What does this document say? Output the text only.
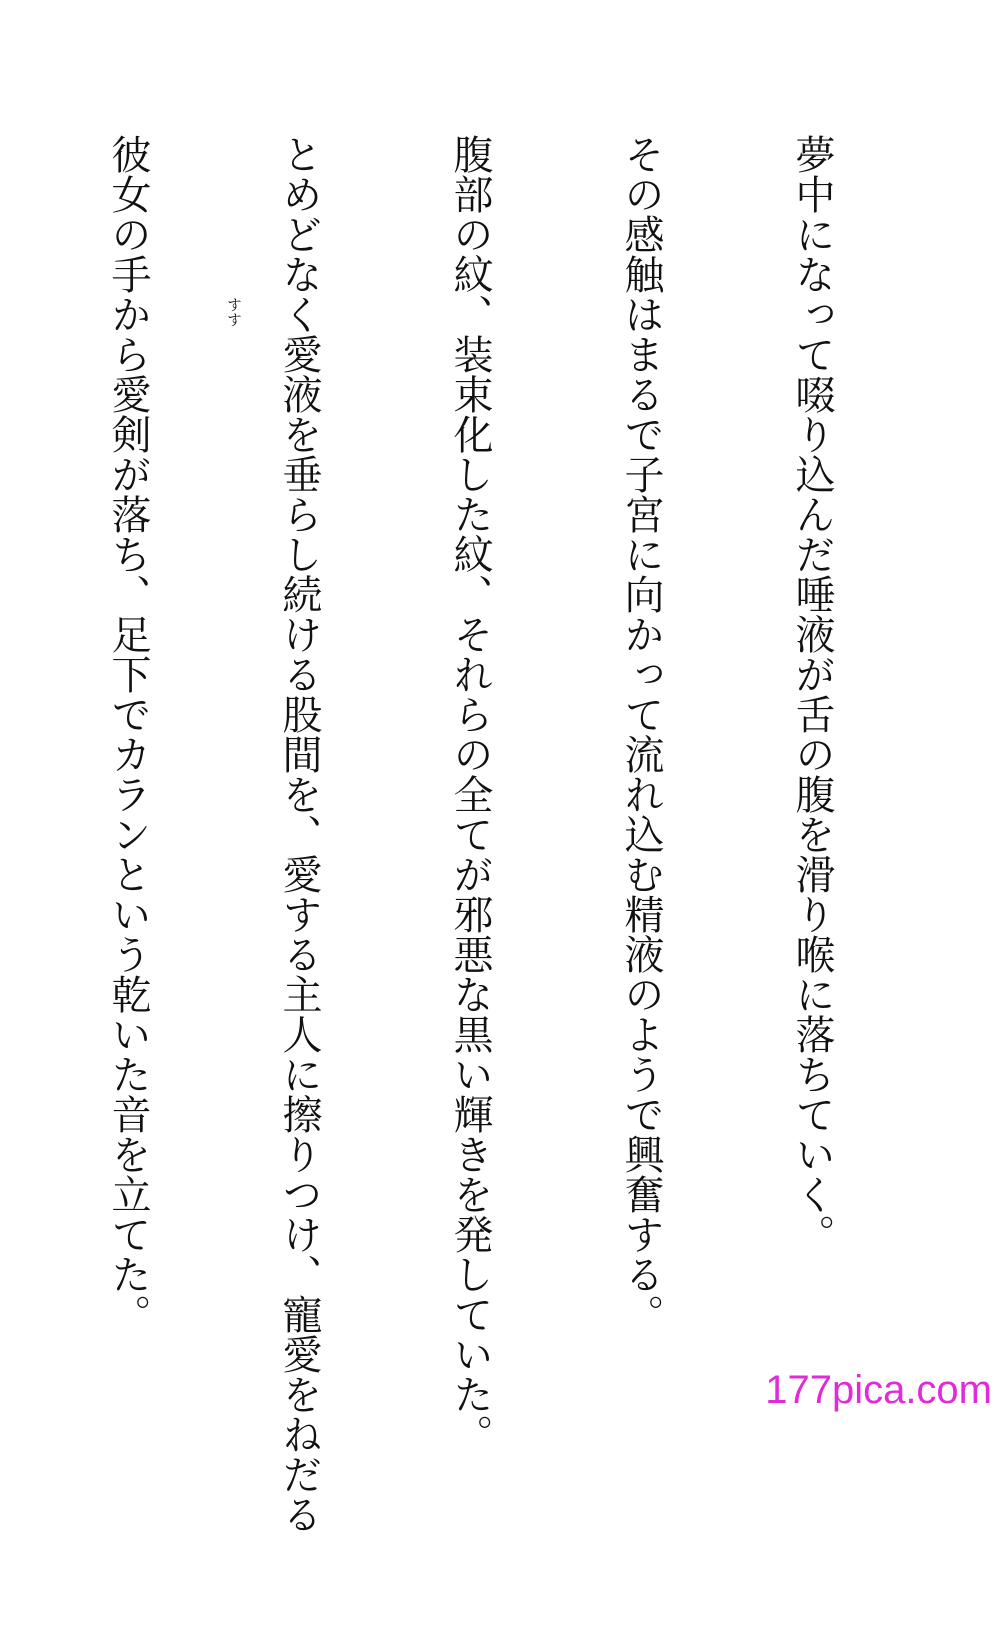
夢中になって啜り込んだ唾液が舌の腹を滑り喉に落ちていく。

その感触はまるで子宮に向かって流れ込む精液のようで興奮する。

腹部の紋、装束化した紋、それらの全てが邪悪な黒い輝きを発していた。

とめどなく愛液を垂らし続ける股間を、愛する主人に擦りつけ、寵愛をねだる

彼女の手から愛剣が落ち、足下でカランという乾いた音を立てた。

	すす
177pica.com
